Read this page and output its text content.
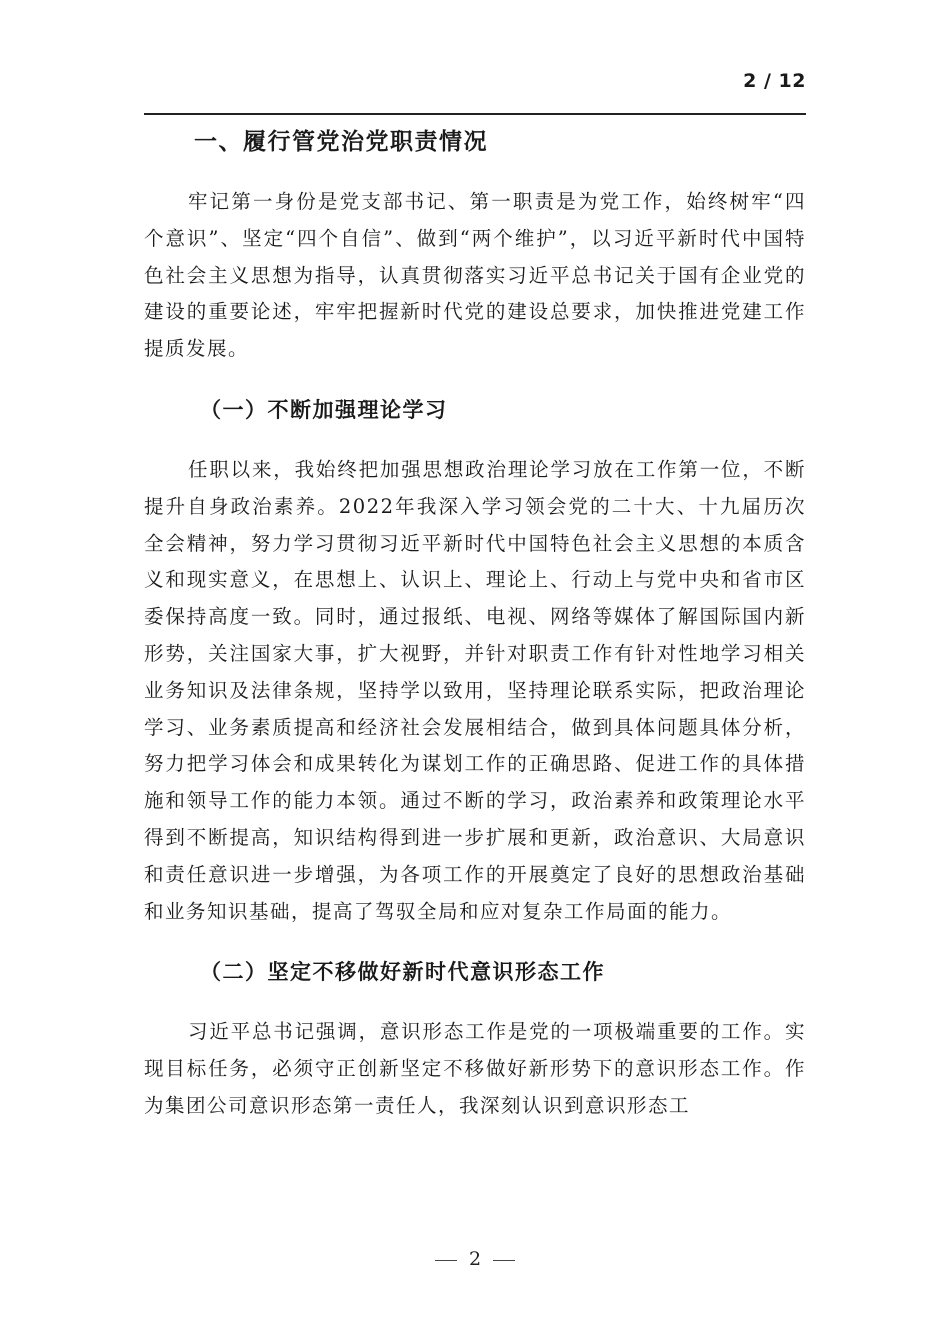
2 / 12
一、履行管党治党职责情况

牢记第一身份是党支部书记、第一职责是为党工作，始终树牢“四个意识”、坚定“四个自信”、做到“两个维护”，以习近平新时代中国特色社会主义思想为指导，认真贯彻落实习近平总书记关于国有企业党的建设的重要论述，牢牢把握新时代党的建设总要求，加快推进党建工作提质发展。

（一）不断加强理论学习

任职以来，我始终把加强思想政治理论学习放在工作第一位，不断提升自身政治素养。2022年我深入学习领会党的二十大、十九届历次全会精神，努力学习贯彻习近平新时代中国特色社会主义思想的本质含义和现实意义，在思想上、认识上、理论上、行动上与党中央和省市区委保持高度一致。同时，通过报纸、电视、网络等媒体了解国际国内新形势，关注国家大事，扩大视野，并针对职责工作有针对性地学习相关业务知识及法律条规，坚持学以致用，坚持理论联系实际，把政治理论学习、业务素质提高和经济社会发展相结合，做到具体问题具体分析，努力把学习体会和成果转化为谋划工作的正确思路、促进工作的具体措施和领导工作的能力本领。通过不断的学习，政治素养和政策理论水平得到不断提高，知识结构得到进一步扩展和更新，政治意识、大局意识和责任意识进一步增强，为各项工作的开展奠定了良好的思想政治基础和业务知识基础，提高了驾驭全局和应对复杂工作局面的能力。

（二）坚定不移做好新时代意识形态工作

习近平总书记强调，意识形态工作是党的一项极端重要的工作。实现目标任务，必须守正创新坚定不移做好新形势下的意识形态工作。作为集团公司意识形态第一责任人，我深刻认识到意识形态工

2
